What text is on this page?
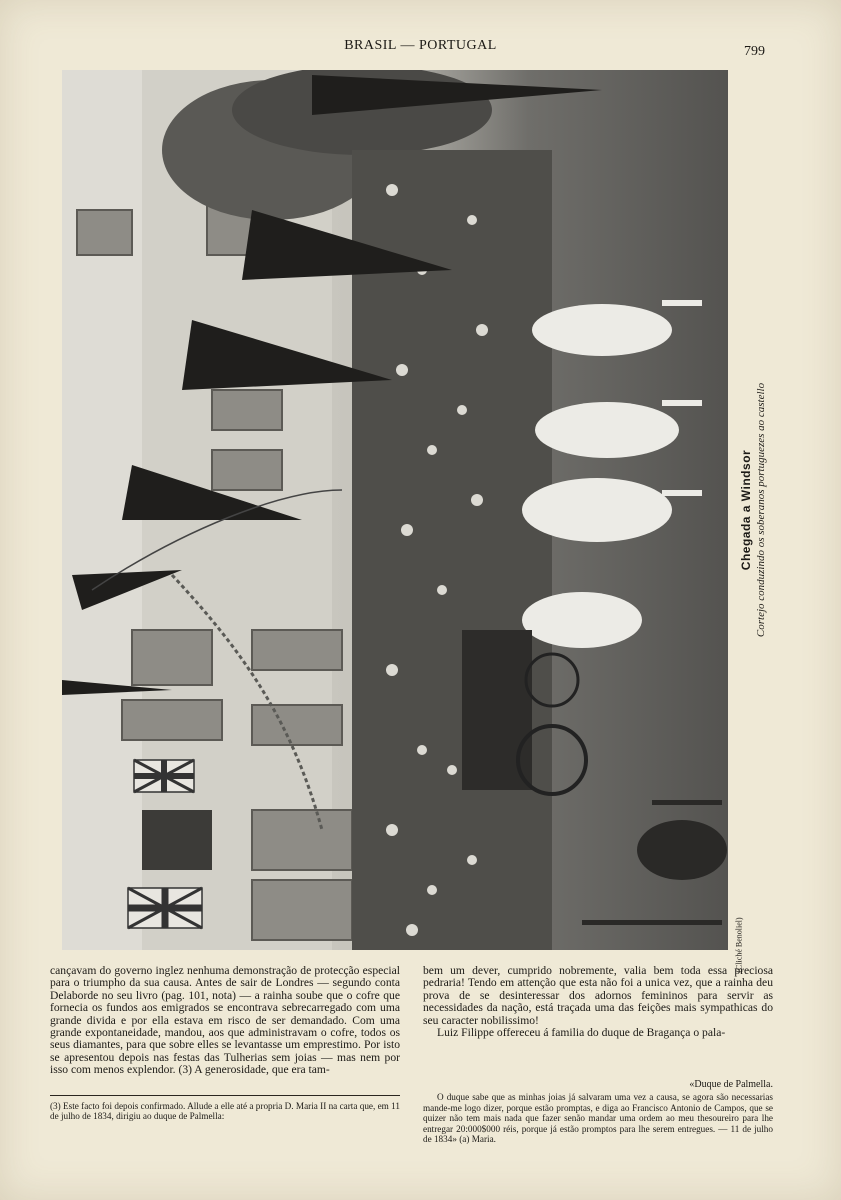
BRASIL — PORTUGAL	799
Chegada a Windsor Cortejo conduzindo os soberanos portuguezes ao castello
(Cliché Benoliel)

cançavam do governo inglez nenhuma demonstração de protecção especial para o triumpho da sua causa. Antes de sair de Londres — segundo conta Delaborde no seu livro (pag. 101, nota) — a rainha soube que o cofre que fornecia os fundos aos emigrados se encontrava sebrecarregado com uma grande divida e por ella estava em risco de ser demandado. Com uma grande expontaneidade, mandou, aos que administravam o cofre, todos os seus diamantes, para que sobre elles se levantasse um emprestimo. Por isto se apresentou depois nas festas das Tulherias sem joias — mas nem por isso com menos explendor. (3) A generosidade, que era tam-

bem um dever, cumprido nobremente, valia bem toda essa preciosa pedraria! Tendo em attenção que esta não foi a unica vez, que a rainha deu prova de se desinteressar dos adornos femininos para servir as necessidades da nação, está traçada uma das feições mais sympathicas do seu caracter nobilissimo!

Luiz Filippe offereceu á familia do duque de Bragança o pala-

(3) Este facto foi depois confirmado. Allude a elle até a propria D. Maria II na carta que, em 11 de julho de 1834, dirigiu ao duque de Palmella:
«Duque de Palmella.

O duque sabe que as minhas joias já salvaram uma vez a causa, se agora são necessarias mande-me logo dizer, porque estão promptas, e diga ao Francisco Antonio de Campos, que se quizer não tem mais nada que fazer senão mandar uma ordem ao meu thesoureiro para lhe entregar 20:000$000 réis, porque já estão promptos para lhe serem entregues. — 11 de julho de 1834» (a) Maria.
